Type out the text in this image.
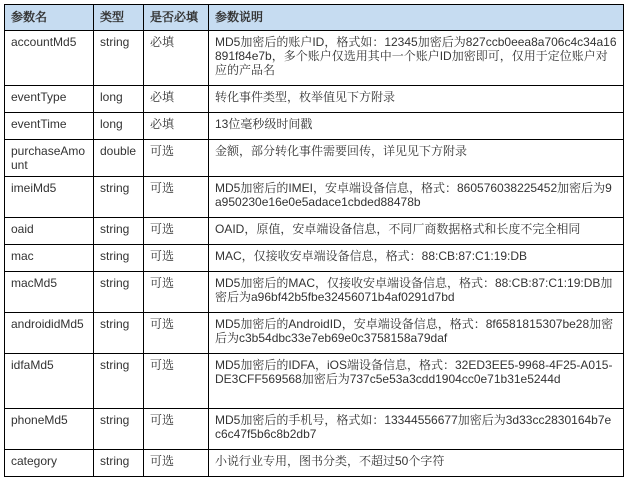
参数名	类型	是否必填	参数说明
accountMd5	string	必填	MD5加密后的账户ID，格式如：12345加密后为827ccb0eea8a706c4c34a16891f84e7b，多个账户仅选用其中一个账户ID加密即可，仅用于定位账户对应的产品名
eventType	long	必填	转化事件类型，枚举值见下方附录
eventTime	long	必填	13位毫秒级时间戳
purchaseAmount	double	可选	金额，部分转化事件需要回传，详见见下方附录
imeiMd5	string	可选	MD5加密后的IMEI，安卓端设备信息，格式：860576038225452加密后为9a950230e16e0e5adace1cbded88478b
oaid	string	可选	OAID，原值，安卓端设备信息，不同厂商数据格式和长度不完全相同
mac	string	可选	MAC，仅接收安卓端设备信息，格式：88:CB:87:C1:19:DB
macMd5	string	可选	MD5加密后的MAC，仅接收安卓端设备信息，格式：88:CB:87:C1:19:DB加密后为a96bf42b5fbe32456071b4af0291d7bd
androididMd5	string	可选	MD5加密后的AndroidID，安卓端设备信息，格式：8f6581815307be28加密后为c3b54dbc33e7eb69e0c3758158a79daf
idfaMd5	string	可选	MD5加密后的IDFA，iOS端设备信息，格式：32ED3EE5-9968-4F25-A015-DE3CFF569568加密后为737c5e53a3cdd1904cc0e71b31e5244d
phoneMd5	string	可选	MD5加密后的手机号，格式如：13344556677加密后为3d33cc2830164b7ec6c47f5b6c8b2db7
category	string	可选	小说行业专用，图书分类，不超过50个字符
